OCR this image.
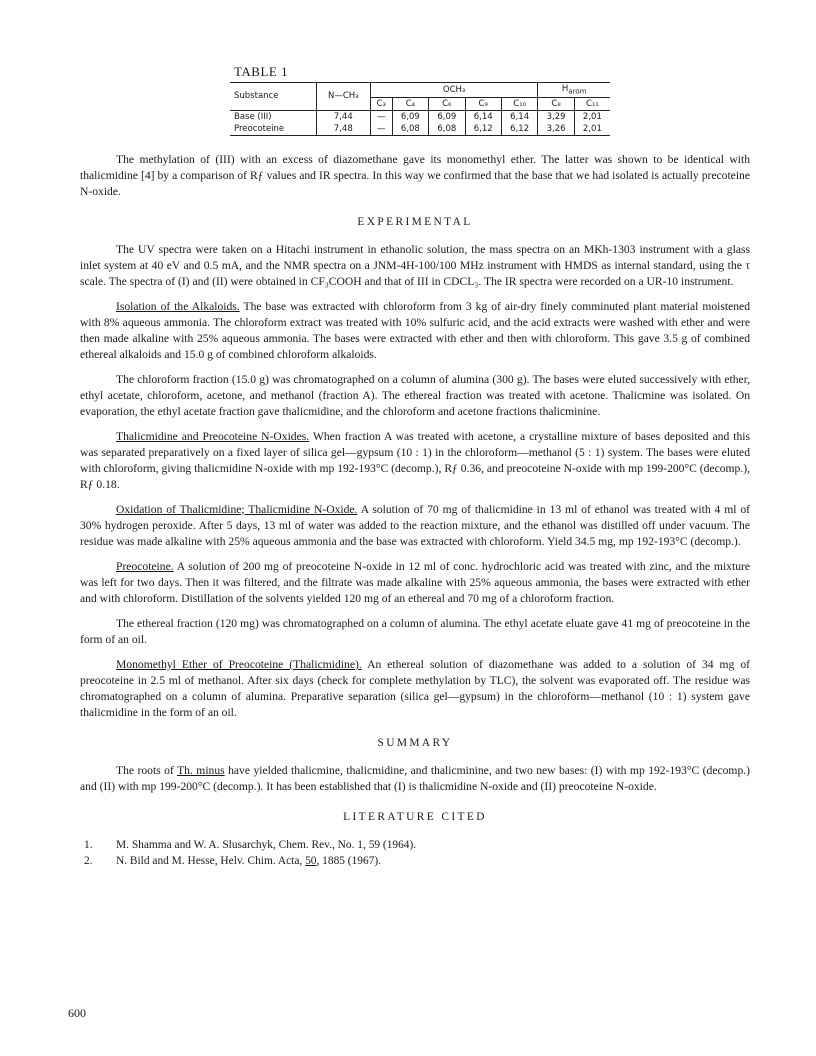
TABLE 1
Substance	N—CH₃	OCH₃					$H_{arom}$
		C₃	C₄	C₆	C₉	C₁₀	C₈	C₁₁
Base (III)	7,44	—	6,09	6,09	6,14	6,14	3,29	2,01
Preocoteine	7,48	—	6,08	6,08	6,12	6,12	3,26	2,01

The methylation of (III) with an excess of diazomethane gave its monomethyl ether. The latter was shown to be identical with thalicmidine [4] by a comparison of Rƒ values and IR spectra. In this way we confirmed that the base that we had isolated is actually precoteine N-oxide.

EXPERIMENTAL

The UV spectra were taken on a Hitachi instrument in ethanolic solution, the mass spectra on an MKh-1303 instrument with a glass inlet system at 40 eV and 0.5 mA, and the NMR spectra on a JNM-4H-100/100 MHz instrument with HMDS as internal standard, using the τ scale. The spectra of (I) and (II) were obtained in CF₃COOH and that of III in CDCL₃. The IR spectra were recorded on a UR-10 instrument.

Isolation of the Alkaloids. The base was extracted with chloroform from 3 kg of air-dry finely comminuted plant material moistened with 8% aqueous ammonia. The chloroform extract was treated with 10% sulfuric acid, and the acid extracts were washed with ether and were then made alkaline with 25% aqueous ammonia. The bases were extracted with ether and then with chloroform. This gave 3.5 g of combined ethereal alkaloids and 15.0 g of combined chloroform alkaloids.

The chloroform fraction (15.0 g) was chromatographed on a column of alumina (300 g). The bases were eluted successively with ether, ethyl acetate, chloroform, acetone, and methanol (fraction A). The ethereal fraction was treated with acetone. Thalicmine was isolated. On evaporation, the ethyl acetate fraction gave thalicmidine, and the chloroform and acetone fractions thalicminine.

Thalicmidine and Preocoteine N-Oxides. When fraction A was treated with acetone, a crystalline mixture of bases deposited and this was separated preparatively on a fixed layer of silica gel—gypsum (10 : 1) in the chloroform—methanol (5 : 1) system. The bases were eluted with chloroform, giving thalicmidine N-oxide with mp 192-193°C (decomp.), Rƒ 0.36, and preocoteine N-oxide with mp 199-200°C (decomp.), Rƒ 0.18.

Oxidation of Thalicmidine; Thalicmidine N-Oxide. A solution of 70 mg of thalicmidine in 13 ml of ethanol was treated with 4 ml of 30% hydrogen peroxide. After 5 days, 13 ml of water was added to the reaction mixture, and the ethanol was distilled off under vacuum. The residue was made alkaline with 25% aqueous ammonia and the base was extracted with chloroform. Yield 34.5 mg, mp 192-193°C (decomp.).

Preocoteine. A solution of 200 mg of preocoteine N-oxide in 12 ml of conc. hydrochloric acid was treated with zinc, and the mixture was left for two days. Then it was filtered, and the filtrate was made alkaline with 25% aqueous ammonia, the bases were extracted with ether and with chloroform. Distillation of the solvents yielded 120 mg of an ethereal and 70 mg of a chloroform fraction.

The ethereal fraction (120 mg) was chromatographed on a column of alumina. The ethyl acetate eluate gave 41 mg of preocoteine in the form of an oil.

Monomethyl Ether of Preocoteine (Thalicmidine). An ethereal solution of diazomethane was added to a solution of 34 mg of preocoteine in 2.5 ml of methanol. After six days (check for complete methylation by TLC), the solvent was evaporated off. The residue was chromatographed on a column of alumina. Preparative separation (silica gel—gypsum) in the chloroform—methanol (10 : 1) system gave thalicmidine in the form of an oil.

SUMMARY

The roots of Th. minus have yielded thalicmine, thalicmidine, and thalicminine, and two new bases: (I) with mp 192-193°C (decomp.) and (II) with mp 199-200°C (decomp.). It has been established that (I) is thalicmidine N-oxide and (II) preocoteine N-oxide.

LITERATURE CITED
1.	M. Shamma and W. A. Slusarchyk, Chem. Rev., No. 1, 59 (1964).
2.	N. Bild and M. Hesse, Helv. Chim. Acta, 50, 1885 (1967).
600
